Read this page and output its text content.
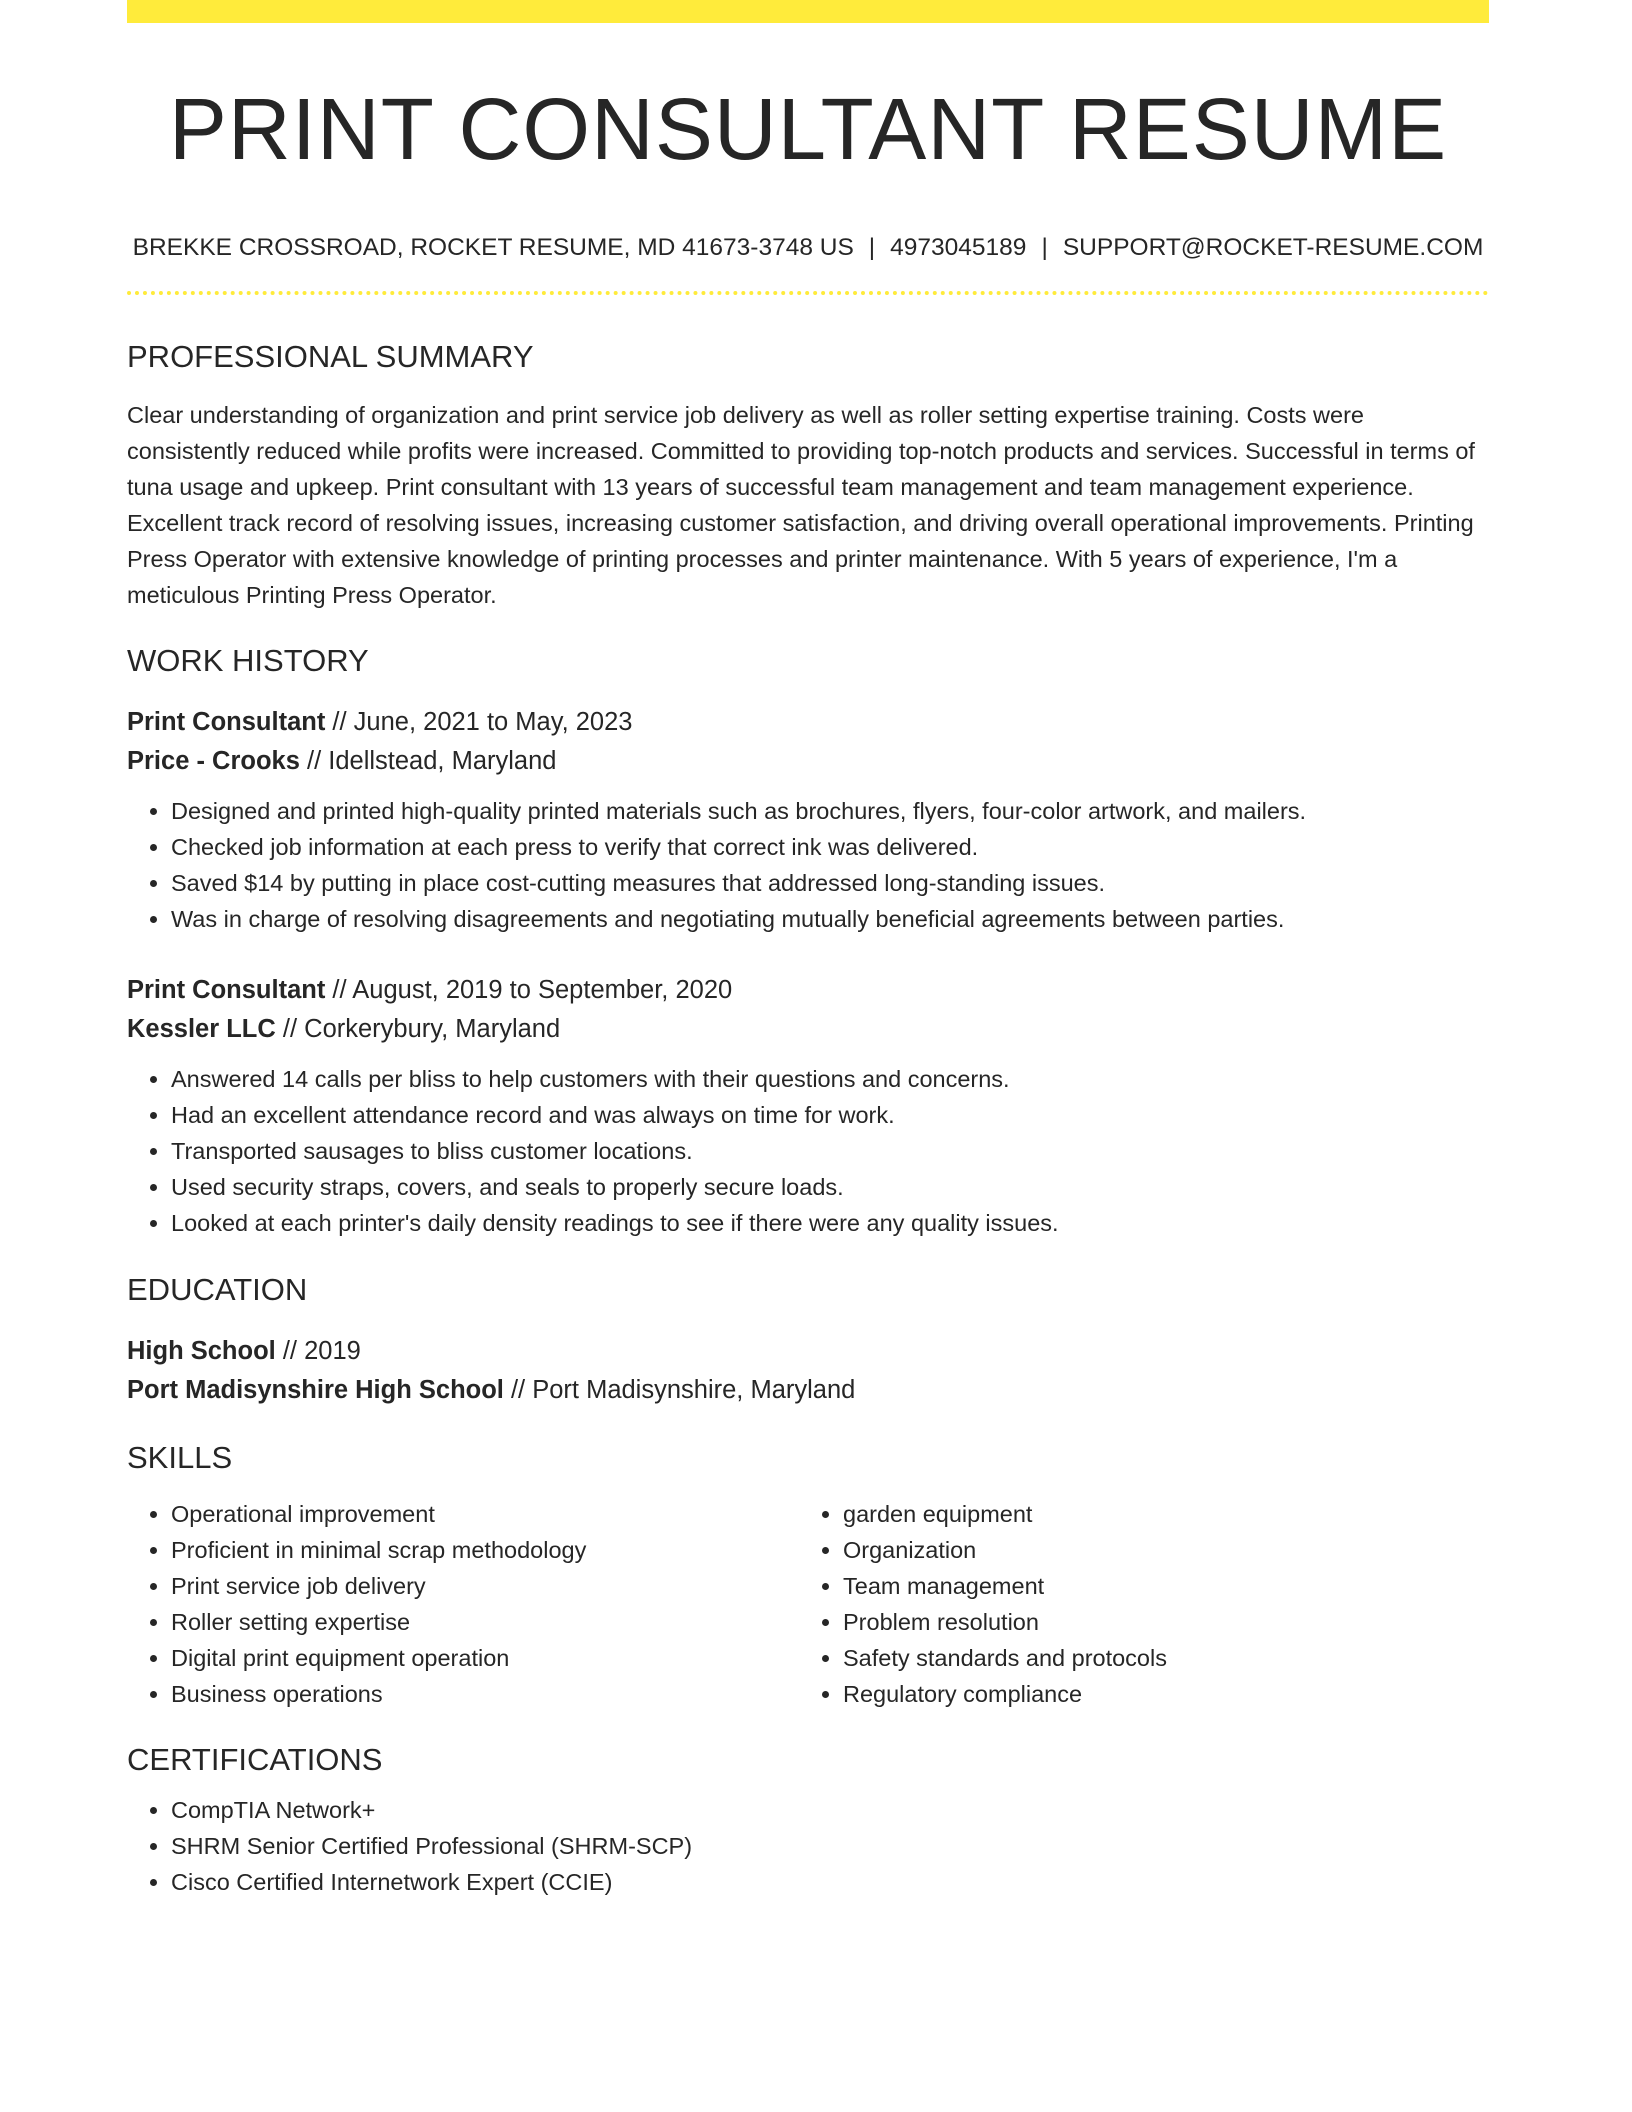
PRINT CONSULTANT RESUME
BREKKE CROSSROAD, ROCKET RESUME, MD 41673-3748 US | 4973045189 | SUPPORT@ROCKET-RESUME.COM
PROFESSIONAL SUMMARY

Clear understanding of organization and print service job delivery as well as roller setting expertise training. Costs were consistently reduced while profits were increased. Committed to providing top-notch products and services. Successful in terms of tuna usage and upkeep. Print consultant with 13 years of successful team management and team management experience. Excellent track record of resolving issues, increasing customer satisfaction, and driving overall operational improvements. Printing Press Operator with extensive knowledge of printing processes and printer maintenance. With 5 years of experience, I'm a meticulous Printing Press Operator.

WORK HISTORY
Print Consultant // June, 2021 to May, 2023
Price - Crooks // Idellstead, Maryland
• Designed and printed high-quality printed materials such as brochures, flyers, four-color artwork, and mailers.
• Checked job information at each press to verify that correct ink was delivered.
• Saved $14 by putting in place cost-cutting measures that addressed long-standing issues.
• Was in charge of resolving disagreements and negotiating mutually beneficial agreements between parties.
Print Consultant // August, 2019 to September, 2020
Kessler LLC // Corkerybury, Maryland
• Answered 14 calls per bliss to help customers with their questions and concerns.
• Had an excellent attendance record and was always on time for work.
• Transported sausages to bliss customer locations.
• Used security straps, covers, and seals to properly secure loads.
• Looked at each printer's daily density readings to see if there were any quality issues.
EDUCATION
High School // 2019
Port Madisynshire High School // Port Madisynshire, Maryland
SKILLS
• Operational improvement
• Proficient in minimal scrap methodology
• Print service job delivery
• Roller setting expertise
• Digital print equipment operation
• Business operations
• garden equipment
• Organization
• Team management
• Problem resolution
• Safety standards and protocols
• Regulatory compliance
CERTIFICATIONS
• CompTIA Network+
• SHRM Senior Certified Professional (SHRM-SCP)
• Cisco Certified Internetwork Expert (CCIE)
